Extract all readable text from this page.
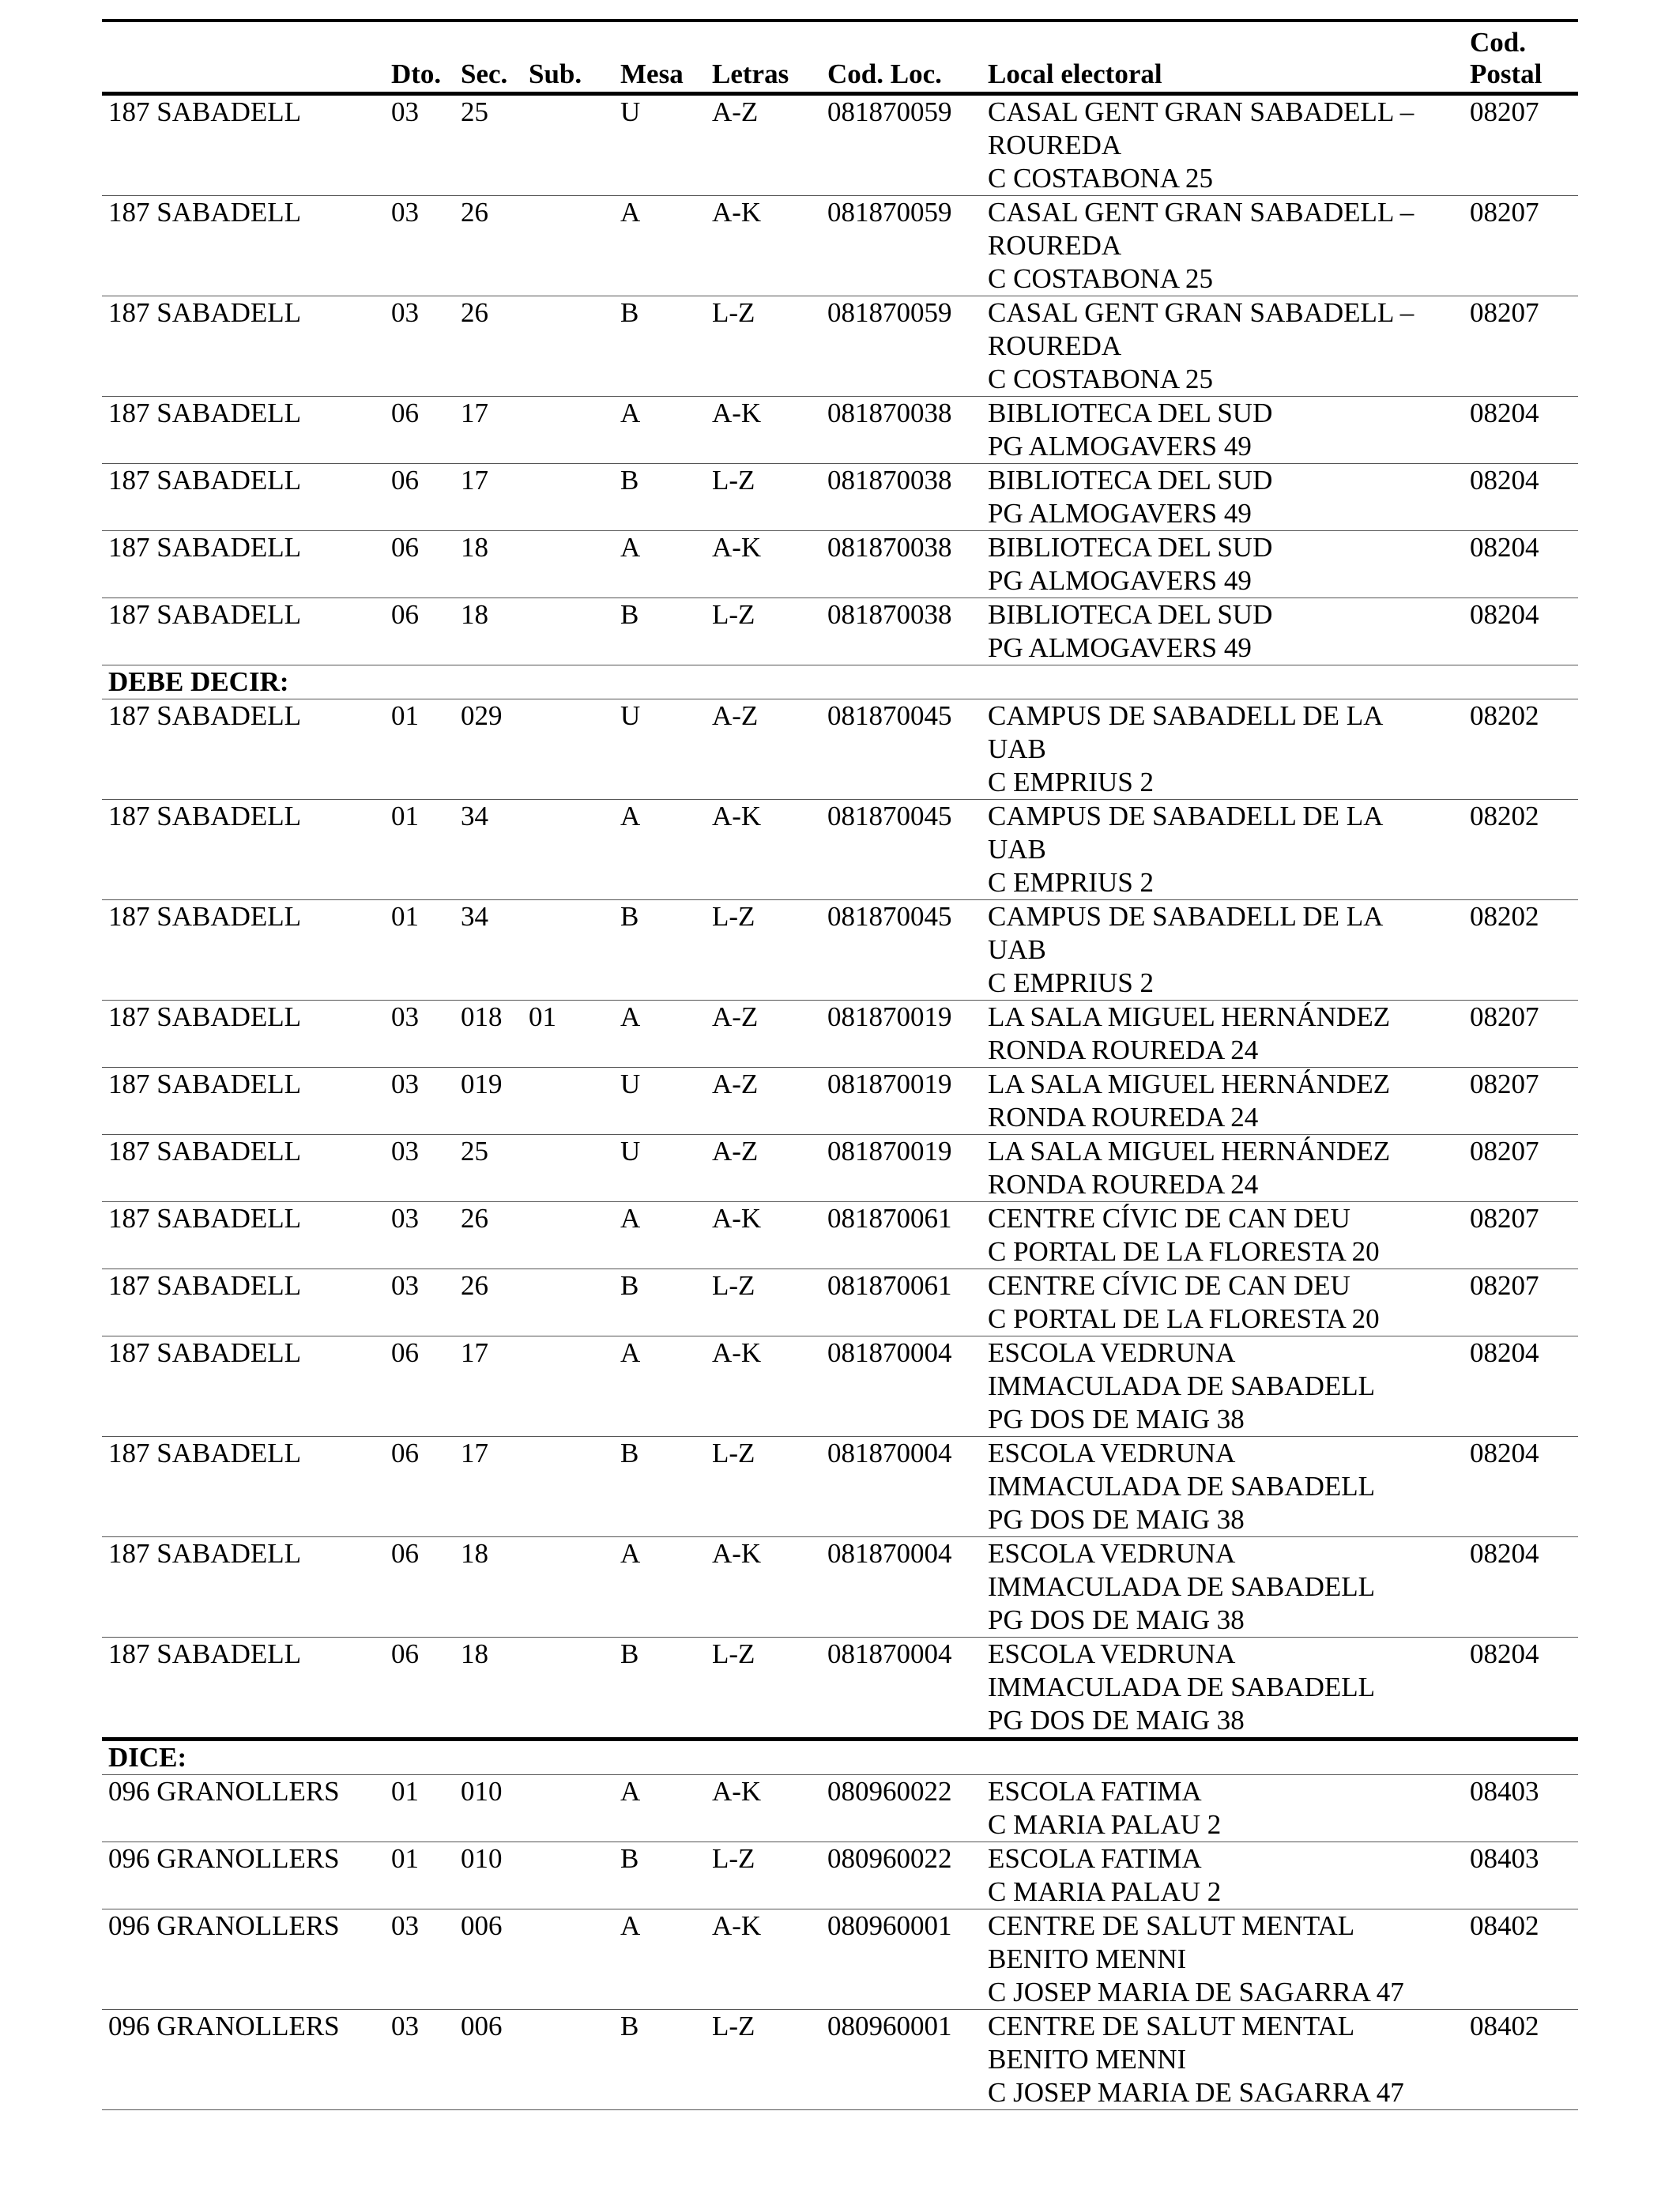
	Dto.	Sec.	Sub.	Mesa	Letras	Cod. Loc.	Local electoral	Cod.
Postal

187 SABADELL	03	25		U	A-Z	081870059	CASAL GENT GRAN SABADELL –
ROUREDA
C COSTABONA 25	08207
187 SABADELL	03	26		A	A-K	081870059	CASAL GENT GRAN SABADELL –
ROUREDA
C COSTABONA 25	08207
187 SABADELL	03	26		B	L-Z	081870059	CASAL GENT GRAN SABADELL –
ROUREDA
C COSTABONA 25	08207
187 SABADELL	06	17		A	A-K	081870038	BIBLIOTECA DEL SUD
PG ALMOGAVERS 49	08204
187 SABADELL	06	17		B	L-Z	081870038	BIBLIOTECA DEL SUD
PG ALMOGAVERS 49	08204
187 SABADELL	06	18		A	A-K	081870038	BIBLIOTECA DEL SUD
PG ALMOGAVERS 49	08204
187 SABADELL	06	18		B	L-Z	081870038	BIBLIOTECA DEL SUD
PG ALMOGAVERS 49	08204
DEBE DECIR:								
187 SABADELL	01	029		U	A-Z	081870045	CAMPUS DE SABADELL DE LA
UAB
C EMPRIUS 2	08202
187 SABADELL	01	34		A	A-K	081870045	CAMPUS DE SABADELL DE LA
UAB
C EMPRIUS 2	08202
187 SABADELL	01	34		B	L-Z	081870045	CAMPUS DE SABADELL DE LA
UAB
C EMPRIUS 2	08202
187 SABADELL	03	018	01	A	A-Z	081870019	LA SALA MIGUEL HERNÁNDEZ
RONDA ROUREDA 24	08207
187 SABADELL	03	019		U	A-Z	081870019	LA SALA MIGUEL HERNÁNDEZ
RONDA ROUREDA 24	08207
187 SABADELL	03	25		U	A-Z	081870019	LA SALA MIGUEL HERNÁNDEZ
RONDA ROUREDA 24	08207
187 SABADELL	03	26		A	A-K	081870061	CENTRE CÍVIC DE CAN DEU
C PORTAL DE LA FLORESTA 20	08207
187 SABADELL	03	26		B	L-Z	081870061	CENTRE CÍVIC DE CAN DEU
C PORTAL DE LA FLORESTA 20	08207
187 SABADELL	06	17		A	A-K	081870004	ESCOLA VEDRUNA
IMMACULADA DE SABADELL
PG DOS DE MAIG 38	08204
187 SABADELL	06	17		B	L-Z	081870004	ESCOLA VEDRUNA
IMMACULADA DE SABADELL
PG DOS DE MAIG 38	08204
187 SABADELL	06	18		A	A-K	081870004	ESCOLA VEDRUNA
IMMACULADA DE SABADELL
PG DOS DE MAIG 38	08204
187 SABADELL	06	18		B	L-Z	081870004	ESCOLA VEDRUNA
IMMACULADA DE SABADELL
PG DOS DE MAIG 38	08204
DICE:								
096 GRANOLLERS	01	010		A	A-K	080960022	ESCOLA FATIMA
C MARIA PALAU 2	08403
096 GRANOLLERS	01	010		B	L-Z	080960022	ESCOLA FATIMA
C MARIA PALAU 2	08403
096 GRANOLLERS	03	006		A	A-K	080960001	CENTRE DE SALUT MENTAL
BENITO MENNI
C JOSEP MARIA DE SAGARRA 47	08402
096 GRANOLLERS	03	006		B	L-Z	080960001	CENTRE DE SALUT MENTAL
BENITO MENNI
C JOSEP MARIA DE SAGARRA 47	08402
